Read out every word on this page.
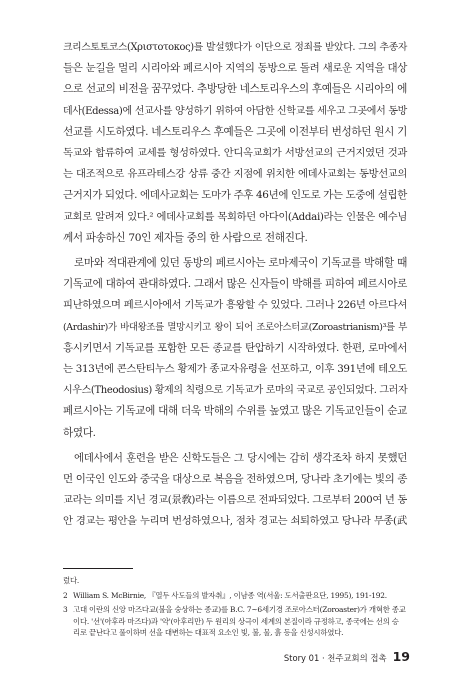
크리스토토코스(Χριστοτοκος)를 발설했다가 이단으로 정죄를 받았다. 그의 추종자
들은 눈길을 멀리 시리아와 페르시아 지역의 동방으로 돌려 새로운 지역을 대상
으로 선교의 비전을 꿈꾸었다. 추방당한 네스토리우스의 후예들은 시리아의 에
데사(Edessa)에 선교사를 양성하기 위하여 아담한 신학교를 세우고 그곳에서 동방
선교를 시도하였다. 네스토리우스 후예들은 그곳에 이전부터 번성하던 원시 기
독교와 합류하여 교세를 형성하였다. 안디옥교회가 서방선교의 근거지였던 것과
는 대조적으로 유프라테스강 상류 중간 지점에 위치한 에데사교회는 동방선교의
근거지가 되었다. 에데사교회는 도마가 주후 46년에 인도로 가는 도중에 설립한
교회로 알려져 있다.² 에데사교회를 목회하던 아다이(Addai)라는 인물은 예수님
께서 파송하신 70인 제자들 중의 한 사람으로 전해진다.

로마와 적대관계에 있던 동방의 페르시아는 로마제국이 기독교를 박해할 때
기독교에 대하여 관대하였다. 그래서 많은 신자들이 박해를 피하여 페르시아로
피난하였으며 페르시아에서 기독교가 흥왕할 수 있었다. 그러나 226년 아르다셔
(Ardashir)가 바대왕조를 멸망시키고 왕이 되어 조로아스터교(Zoroastrianism)³를 부
흥시키면서 기독교를 포함한 모든 종교를 탄압하기 시작하였다. 한편, 로마에서
는 313년에 콘스탄티누스 황제가 종교자유령을 선포하고, 이후 391년에 테오도
시우스(Theodosius) 황제의 칙령으로 기독교가 로마의 국교로 공인되었다. 그러자
페르시아는 기독교에 대해 더욱 박해의 수위를 높였고 많은 기독교인들이 순교
하였다.

에데사에서 훈련을 받은 신학도들은 그 당시에는 감히 생각조차 하지 못했던
먼 이국인 인도와 중국을 대상으로 복음을 전하였으며, 당나라 초기에는 빛의 종
교라는 의미를 지닌 경교(景敎)라는 이름으로 전파되었다. 그로부터 200여 년 동
안 경교는 평안을 누리며 번성하였으나, 점차 경교는 쇠퇴하였고 당나라 무종(武

렀다.
2 William S. McBirnie, 『열두 사도들의 발자취』, 이남종 역(서울: 도서출판요단, 1995), 191-192.
3 고대 이란의 신앙 마즈다교(불을 숭상하는 종교)를 B.C. 7~6세기경 조로아스터(Zoroaster)가 개혁한 종교
이다. '선'(아후라 마즈다)과 '악'(아후리만) 두 원리의 상극이 세계의 본질이라 규정하고, 종국에는 선의 승
리로 끝난다고 풀이하며 선을 대변하는 대표적 요소인 빛, 불, 물, 흙 등을 신성시하였다.
Story 01 · 천주교회의 접촉 19
